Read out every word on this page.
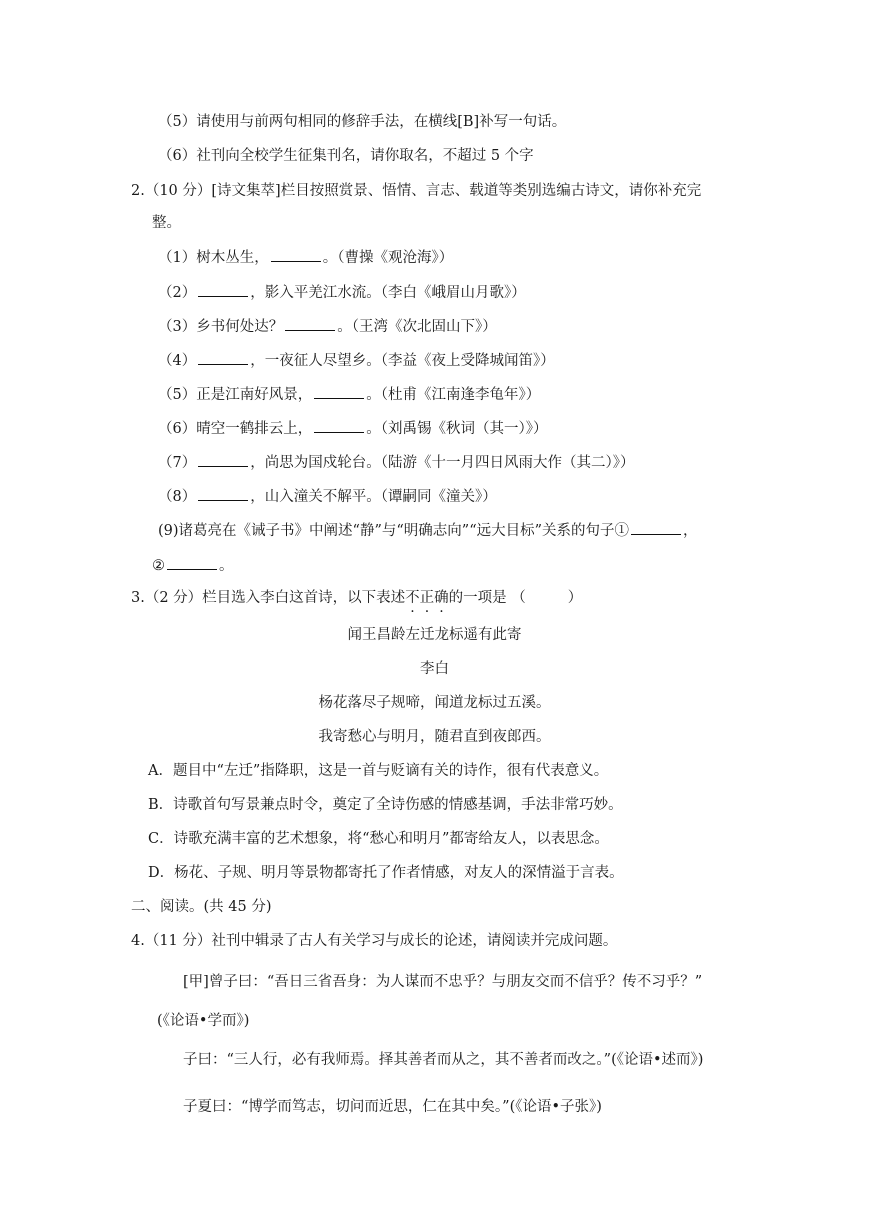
（5）请使用与前两句相同的修辞手法，在横线[B]补写一句话。
（6）社刊向全校学生征集刊名，请你取名，不超过 5 个字
2.（10 分）[诗文集萃]栏目按照赏景、悟情、言志、载道等类别选编古诗文，请你补充完
整。
（1）树木丛生，	。（曹操《观沧海》）
（2）	，影入平羌江水流。（李白《峨眉山月歌》）
（3）乡书何处达？	。（王湾《次北固山下》）
（4）	，一夜征人尽望乡。（李益《夜上受降城闻笛》）
（5）正是江南好风景，	。（杜甫《江南逢李龟年》）
（6）晴空一鹤排云上，	。（刘禹锡《秋词（其一）》）
（7）	，尚思为国戍轮台。（陆游《十一月四日风雨大作（其二）》）
（8）	，山入潼关不解平。（谭嗣同《潼关》）
(9)诸葛亮在《诫子书》中阐述“静”与“明确志向”“远大目标”关系的句子①	，
②	。
3.（2 分）栏目选入李白这首诗，以下表述不正确的一项是 （	）
闻王昌龄左迁龙标遥有此寄
李白
杨花落尽子规啼，闻道龙标过五溪。
我寄愁心与明月，随君直到夜郎西。
A．题目中“左迁”指降职，这是一首与贬谪有关的诗作，很有代表意义。
B．诗歌首句写景兼点时令，奠定了全诗伤感的情感基调，手法非常巧妙。
C．诗歌充满丰富的艺术想象，将“愁心和明月”都寄给友人，以表思念。
D．杨花、子规、明月等景物都寄托了作者情感，对友人的深情溢于言表。
二、阅读。(共 45 分)
4.（11 分）社刊中辑录了古人有关学习与成长的论述，请阅读并完成问题。
[甲]曾子曰：“吾日三省吾身：为人谋而不忠乎？与朋友交而不信乎？传不习乎？”
(《论语•学而》)
子曰：“三人行，必有我师焉。择其善者而从之，其不善者而改之。”(《论语•述而》)
子夏曰：“博学而笃志，切问而近思，仁在其中矣。”(《论语•子张》)
